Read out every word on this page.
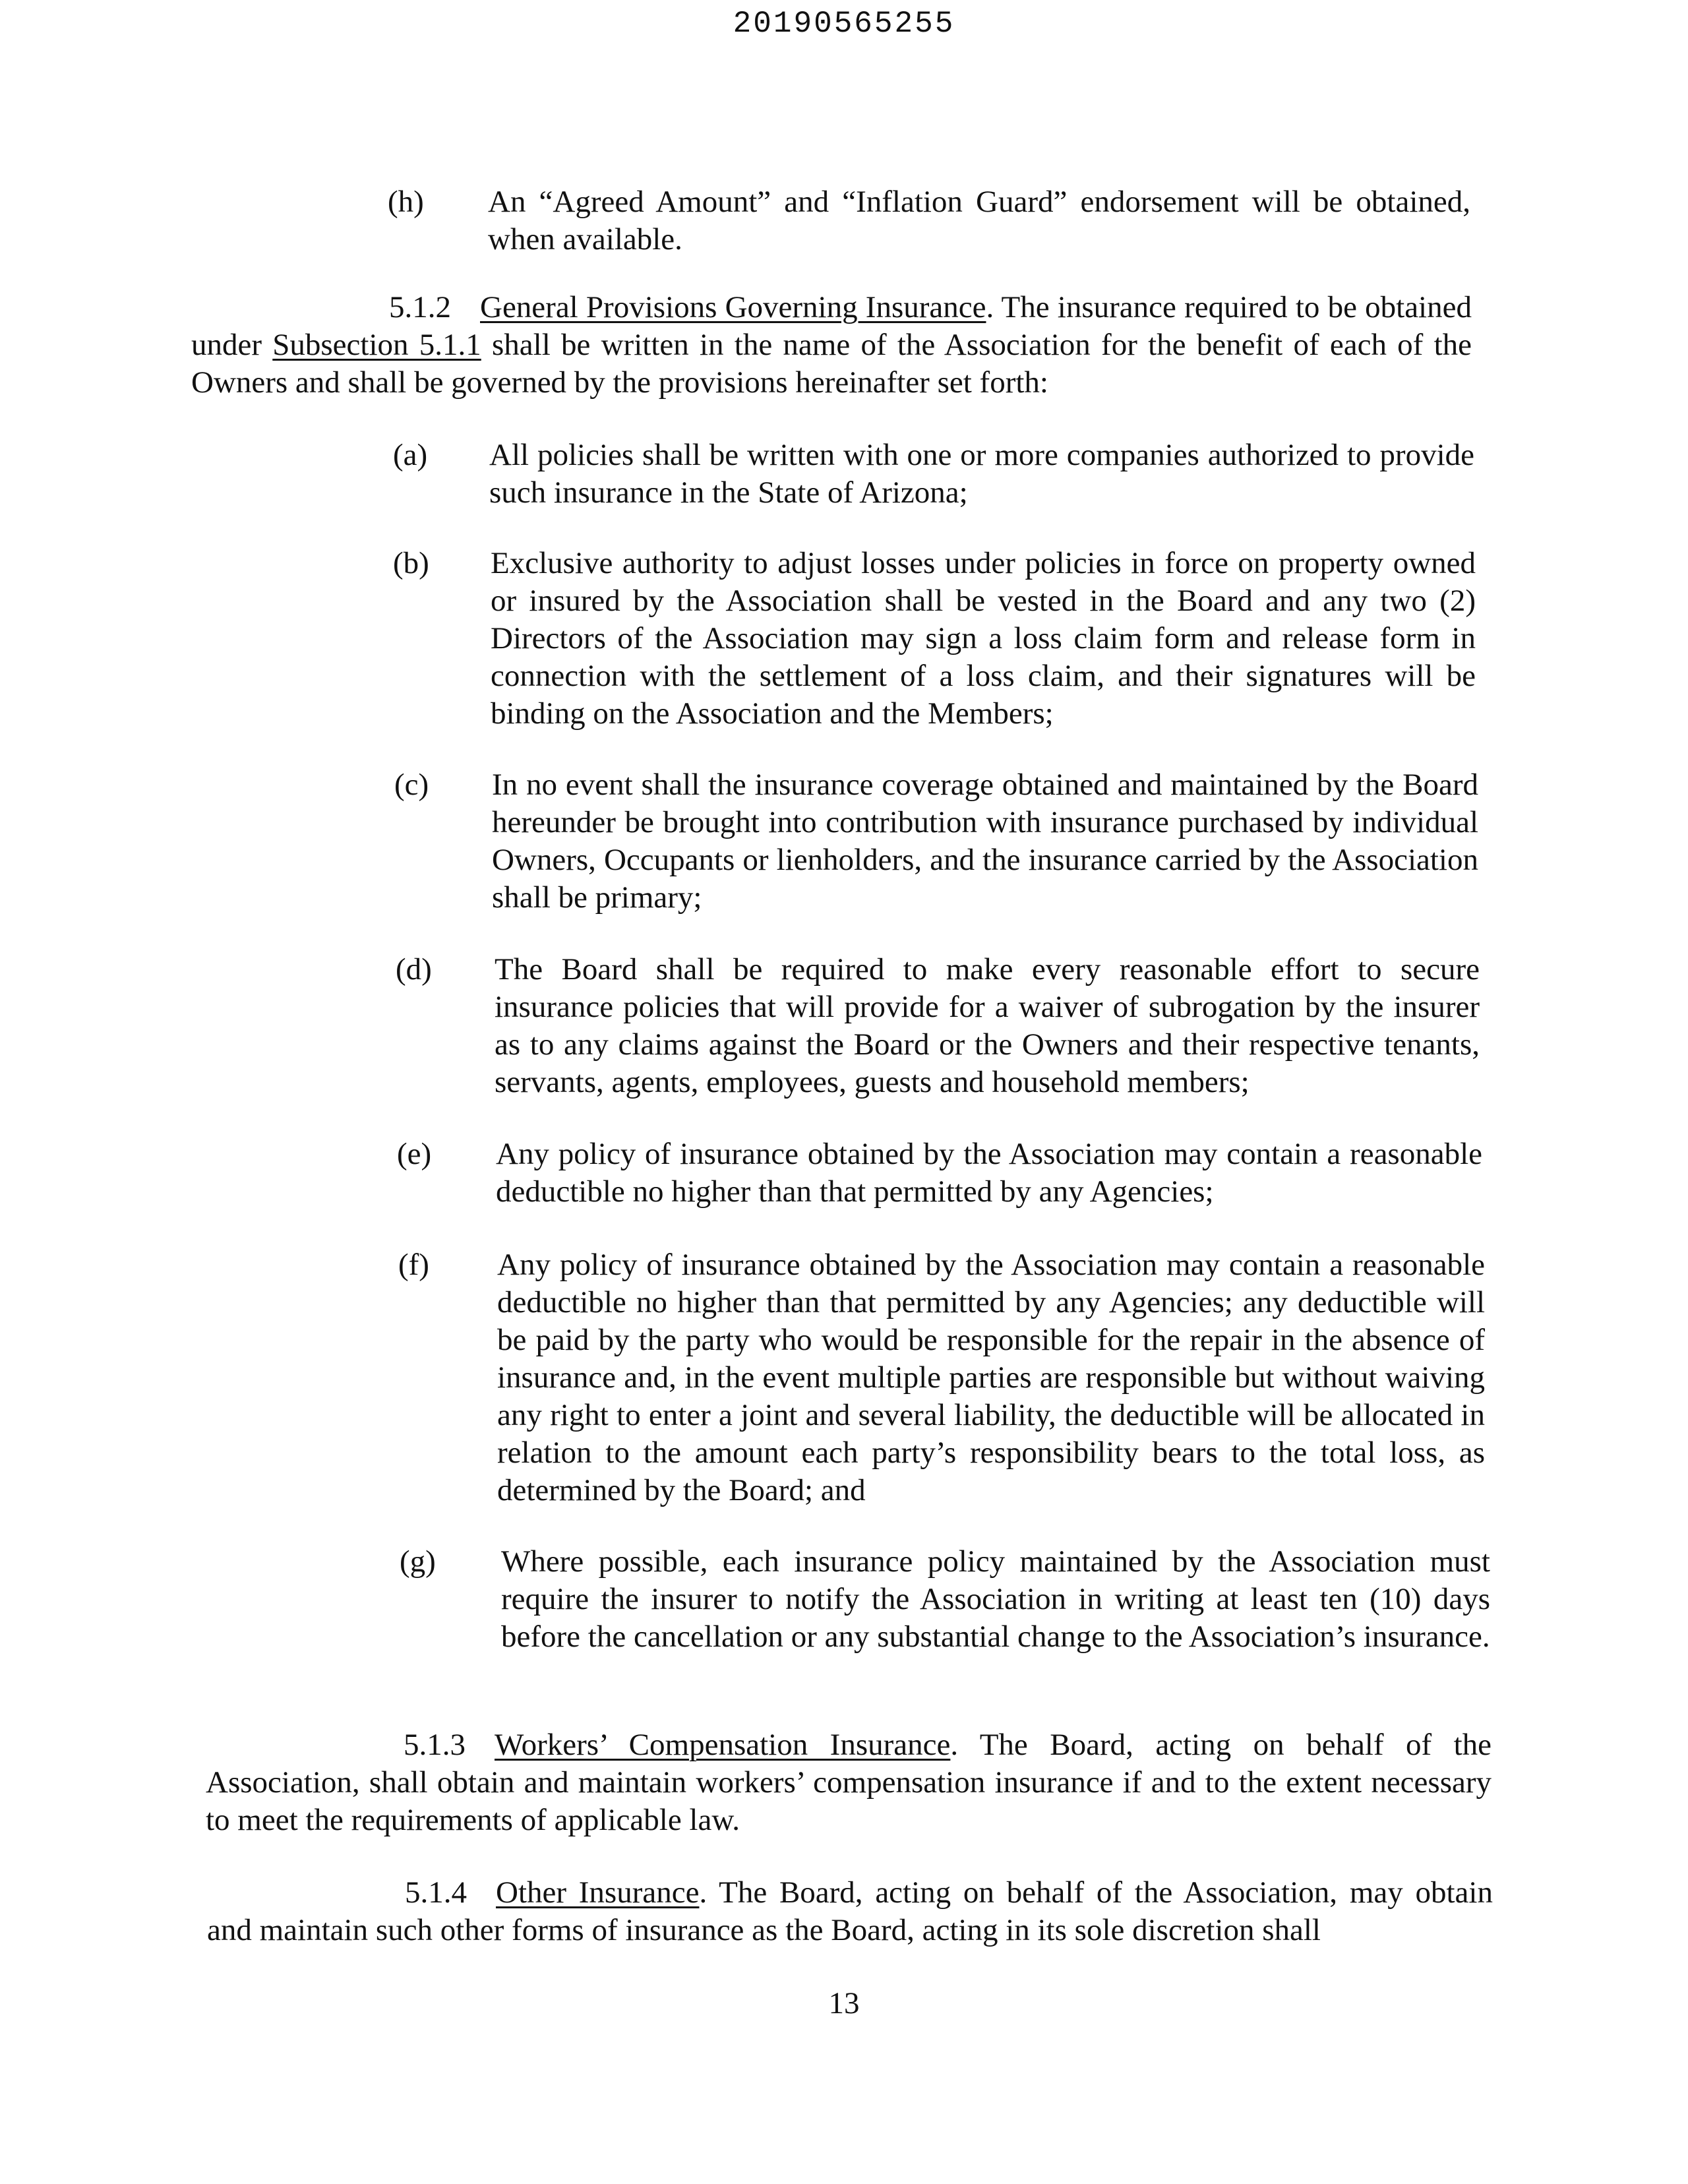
20190565255
(h) An “Agreed Amount” and “Inflation Guard” endorsement will be obtained, when available.
5.1.2 General Provisions Governing Insurance. The insurance required to be obtained under Subsection 5.1.1 shall be written in the name of the Association for the benefit of each of the Owners and shall be governed by the provisions hereinafter set forth:
(a) All policies shall be written with one or more companies authorized to provide such insurance in the State of Arizona;
(b) Exclusive authority to adjust losses under policies in force on property owned or insured by the Association shall be vested in the Board and any two (2) Directors of the Association may sign a loss claim form and release form in connection with the settlement of a loss claim, and their signatures will be binding on the Association and the Members;
(c) In no event shall the insurance coverage obtained and maintained by the Board hereunder be brought into contribution with insurance purchased by individual Owners, Occupants or lienholders, and the insurance carried by the Association shall be primary;
(d) The Board shall be required to make every reasonable effort to secure insurance policies that will provide for a waiver of subrogation by the insurer as to any claims against the Board or the Owners and their respective tenants, servants, agents, employees, guests and household members;
(e) Any policy of insurance obtained by the Association may contain a reasonable deductible no higher than that permitted by any Agencies;
(f) Any policy of insurance obtained by the Association may contain a reasonable deductible no higher than that permitted by any Agencies; any deductible will be paid by the party who would be responsible for the repair in the absence of insurance and, in the event multiple parties are responsible but without waiving any right to enter a joint and several liability, the deductible will be allocated in relation to the amount each party’s responsibility bears to the total loss, as determined by the Board; and
(g) Where possible, each insurance policy maintained by the Association must require the insurer to notify the Association in writing at least ten (10) days before the cancellation or any substantial change to the Association’s insurance.
5.1.3 Workers’ Compensation Insurance. The Board, acting on behalf of the Association, shall obtain and maintain workers’ compensation insurance if and to the extent necessary to meet the requirements of applicable law.
5.1.4 Other Insurance. The Board, acting on behalf of the Association, may obtain and maintain such other forms of insurance as the Board, acting in its sole discretion shall
13
